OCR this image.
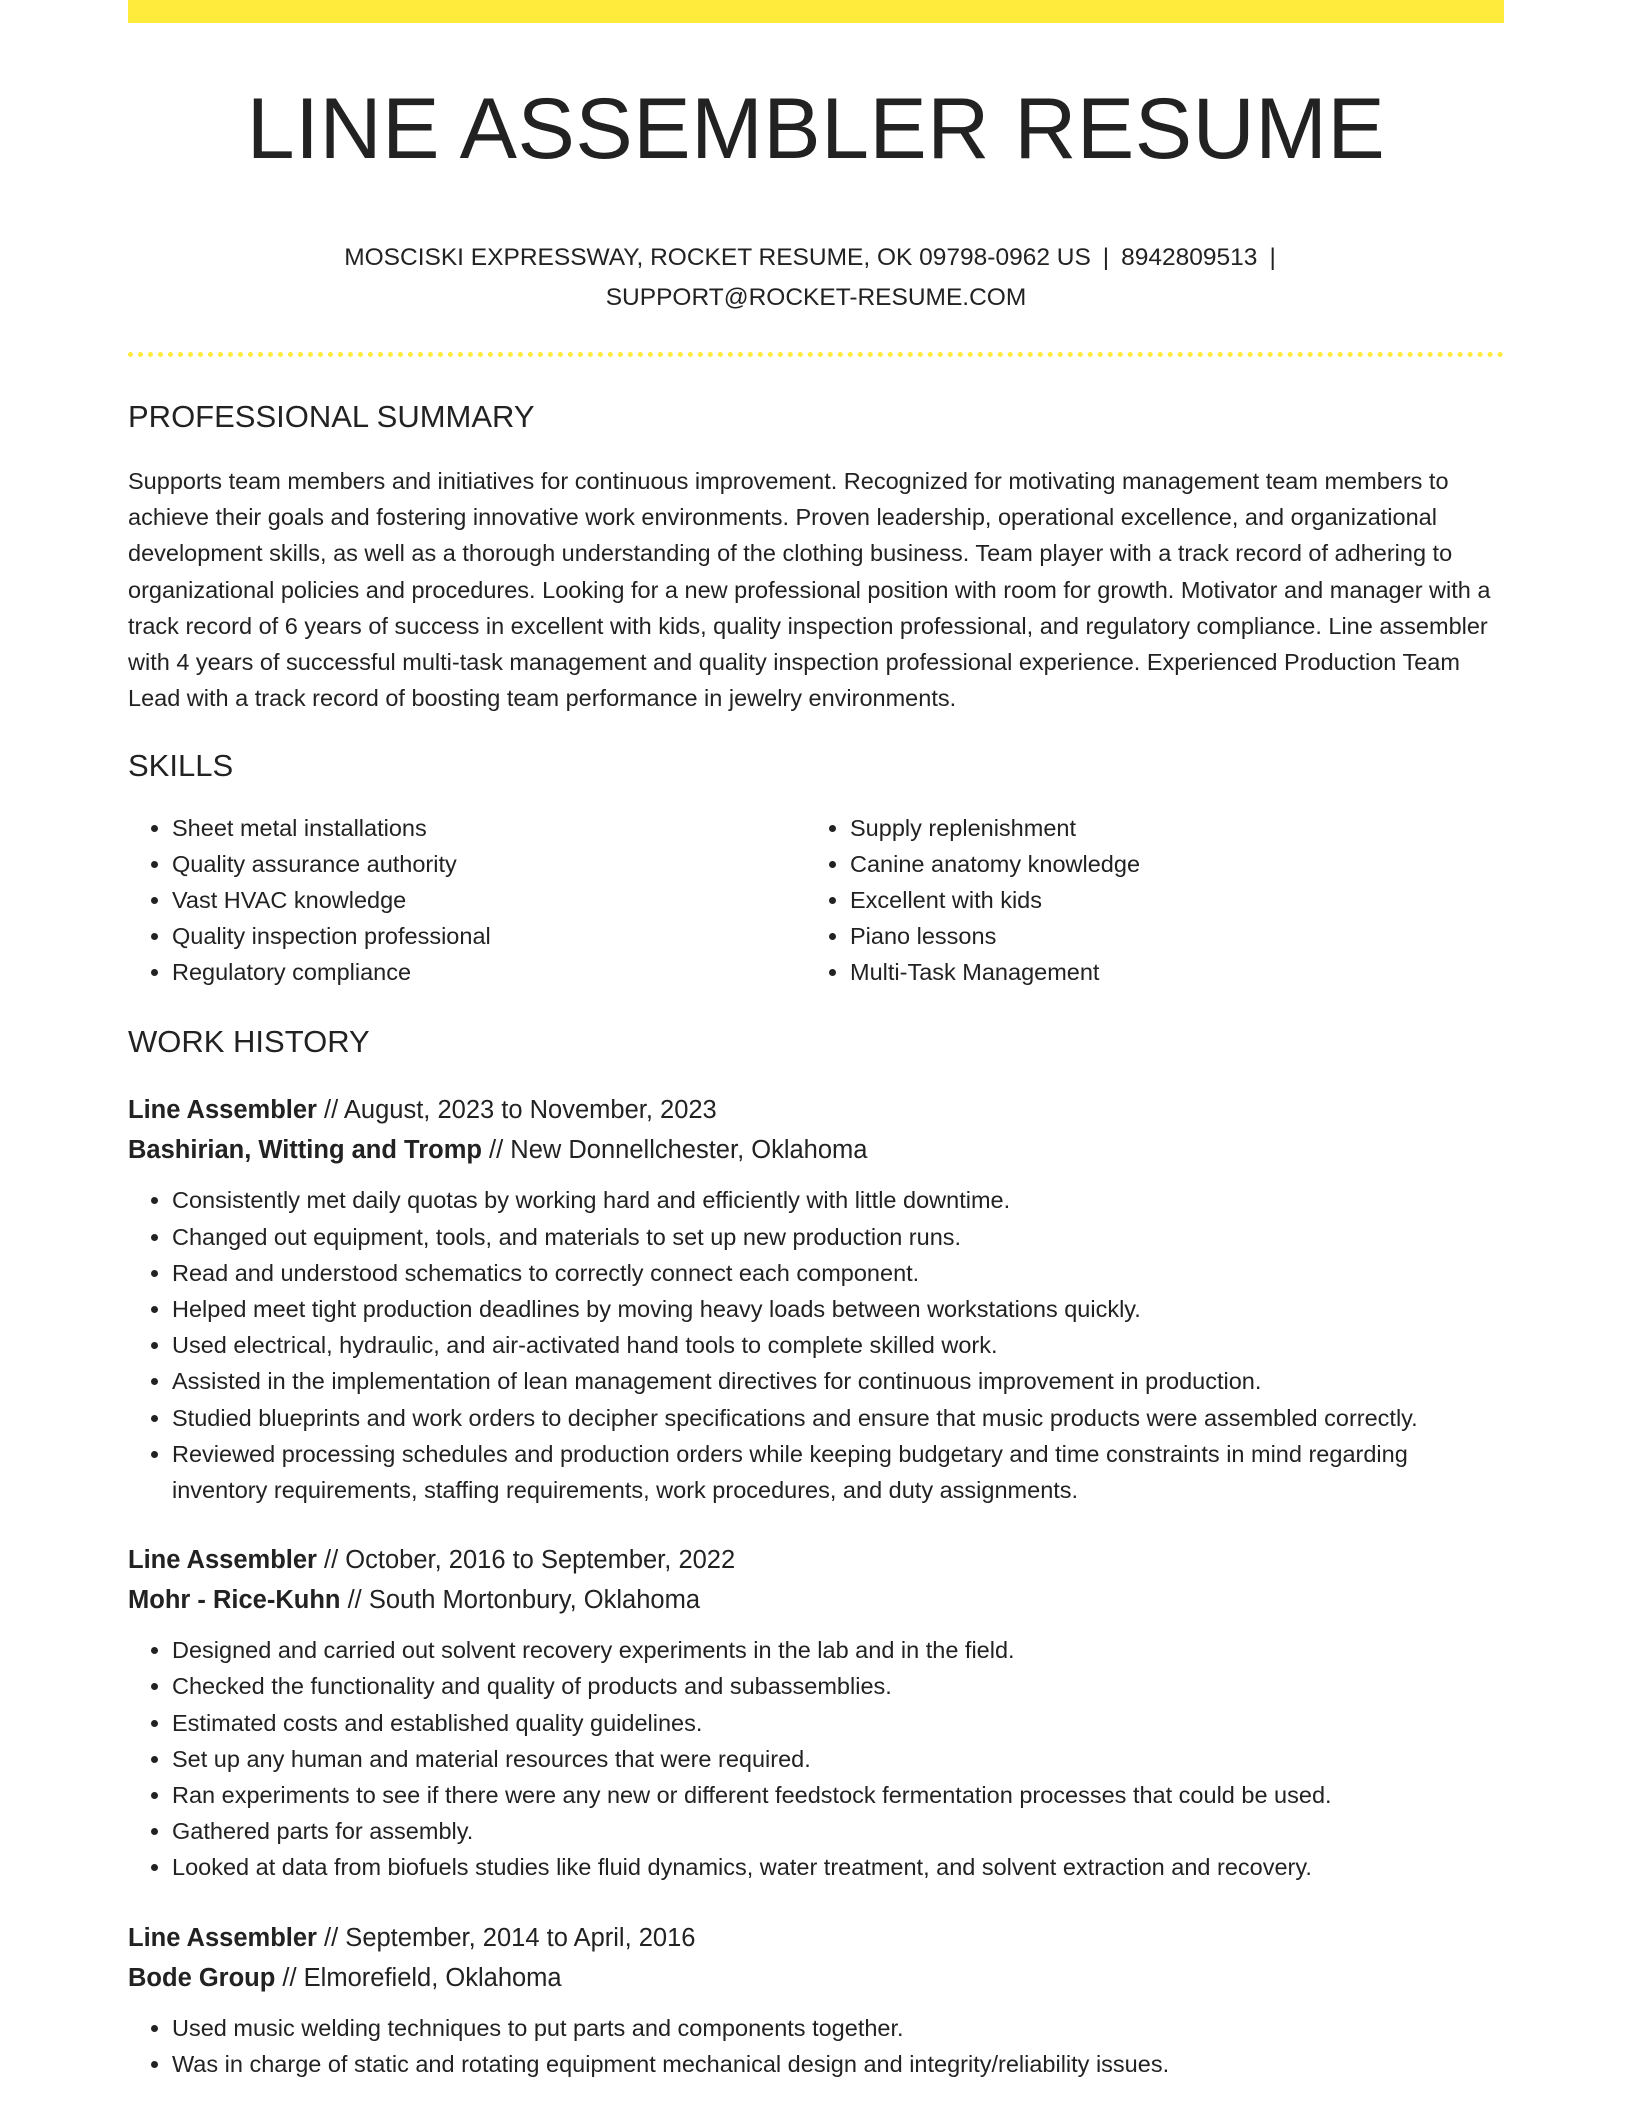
LINE ASSEMBLER RESUME
MOSCISKI EXPRESSWAY, ROCKET RESUME, OK 09798-0962 US | 8942809513 |
SUPPORT@ROCKET-RESUME.COM
PROFESSIONAL SUMMARY

Supports team members and initiatives for continuous improvement. Recognized for motivating management team members to achieve their goals and fostering innovative work environments. Proven leadership, operational excellence, and organizational development skills, as well as a thorough understanding of the clothing business. Team player with a track record of adhering to organizational policies and procedures. Looking for a new professional position with room for growth. Motivator and manager with a track record of 6 years of success in excellent with kids, quality inspection professional, and regulatory compliance. Line assembler with 4 years of successful multi-task management and quality inspection professional experience. Experienced Production Team Lead with a track record of boosting team performance in jewelry environments.

SKILLS
• Sheet metal installations
• Quality assurance authority
• Vast HVAC knowledge
• Quality inspection professional
• Regulatory compliance
• Supply replenishment
• Canine anatomy knowledge
• Excellent with kids
• Piano lessons
• Multi-Task Management
WORK HISTORY
Line Assembler // August, 2023 to November, 2023
Bashirian, Witting and Tromp // New Donnellchester, Oklahoma
• Consistently met daily quotas by working hard and efficiently with little downtime.
• Changed out equipment, tools, and materials to set up new production runs.
• Read and understood schematics to correctly connect each component.
• Helped meet tight production deadlines by moving heavy loads between workstations quickly.
• Used electrical, hydraulic, and air-activated hand tools to complete skilled work.
• Assisted in the implementation of lean management directives for continuous improvement in production.
• Studied blueprints and work orders to decipher specifications and ensure that music products were assembled correctly.
• Reviewed processing schedules and production orders while keeping budgetary and time constraints in mind regarding inventory requirements, staffing requirements, work procedures, and duty assignments.
Line Assembler // October, 2016 to September, 2022
Mohr - Rice-Kuhn // South Mortonbury, Oklahoma
• Designed and carried out solvent recovery experiments in the lab and in the field.
• Checked the functionality and quality of products and subassemblies.
• Estimated costs and established quality guidelines.
• Set up any human and material resources that were required.
• Ran experiments to see if there were any new or different feedstock fermentation processes that could be used.
• Gathered parts for assembly.
• Looked at data from biofuels studies like fluid dynamics, water treatment, and solvent extraction and recovery.
Line Assembler // September, 2014 to April, 2016
Bode Group // Elmorefield, Oklahoma
• Used music welding techniques to put parts and components together.
• Was in charge of static and rotating equipment mechanical design and integrity/reliability issues.
